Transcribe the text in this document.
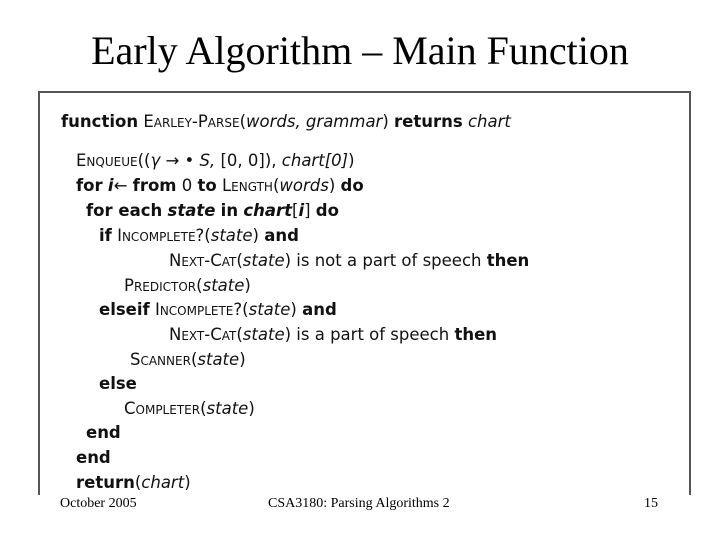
Early Algorithm – Main Function
function Earley-Parse(words, grammar) returns chart
Enqueue((γ → • S, [0, 0]), chart[0])
for i← from 0 to Length(words) do
for each state in chart[i] do
if Incomplete?(state) and
Next-Cat(state) is not a part of speech then
Predictor(state)
elseif Incomplete?(state) and
Next-Cat(state) is a part of speech then
Scanner(state)
else
Completer(state)
end
end
return(chart)
October 2005	CSA3180: Parsing Algorithms 2	15
